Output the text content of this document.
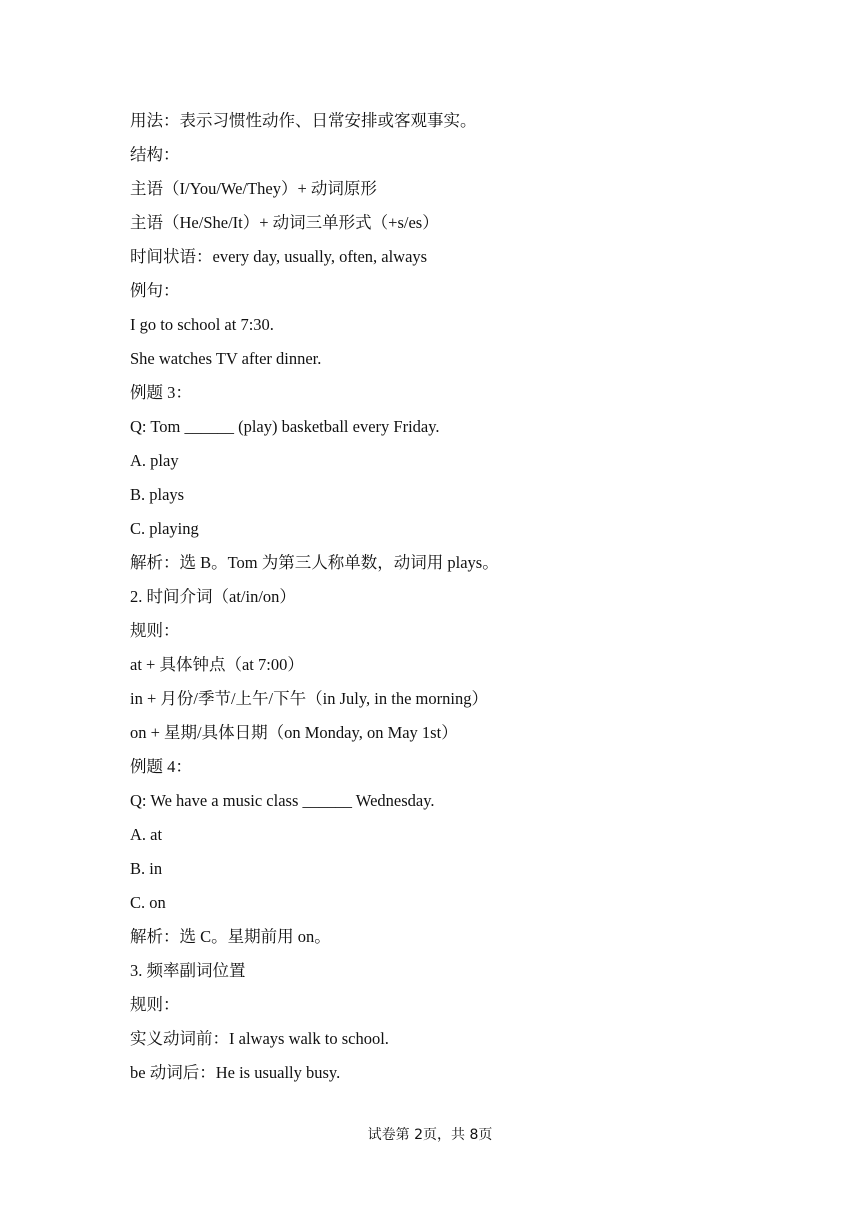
用法：表示习惯性动作、日常安排或客观事实。
结构：
主语（I/You/We/They）+ 动词原形
主语（He/She/It）+ 动词三单形式（+s/es）
时间状语：every day, usually, often, always
例句：
I go to school at 7:30.
She watches TV after dinner.
例题 3：
Q: Tom ______ (play) basketball every Friday.
A. play
B. plays
C. playing
解析：选 B。Tom 为第三人称单数，动词用 plays。
2. 时间介词（at/in/on）
规则：
at + 具体钟点（at 7:00）
in + 月份/季节/上午/下午（in July, in the morning）
on + 星期/具体日期（on Monday, on May 1st）
例题 4：
Q: We have a music class ______ Wednesday.
A. at
B. in
C. on
解析：选 C。星期前用 on。
3. 频率副词位置
规则：
实义动词前：I always walk to school.
be 动词后：He is usually busy.
试卷第 2页，共 8页
